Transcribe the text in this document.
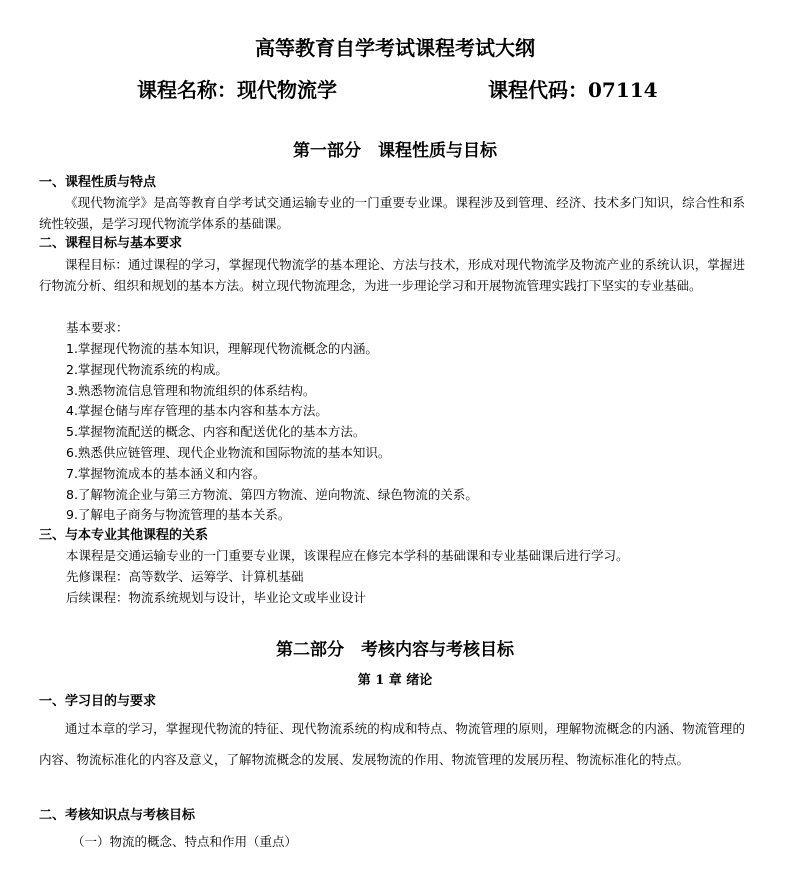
高等教育自学考试课程考试大纲
课程名称：现代物流学	课程代码：07114
第一部分　课程性质与目标
一、课程性质与特点

《现代物流学》是高等教育自学考试交通运输专业的一门重要专业课。课程涉及到管理、经济、技术多门知识，综合性和系统性较强，是学习现代物流学体系的基础课。

二、课程目标与基本要求

课程目标：通过课程的学习，掌握现代物流学的基本理论、方法与技术，形成对现代物流学及物流产业的系统认识，掌握进行物流分析、组织和规划的基本方法。树立现代物流理念，为进一步理论学习和开展物流管理实践打下坚实的专业基础。

基本要求：
1.掌握现代物流的基本知识，理解现代物流概念的内涵。
2.掌握现代物流系统的构成。
3.熟悉物流信息管理和物流组织的体系结构。
4.掌握仓储与库存管理的基本内容和基本方法。
5.掌握物流配送的概念、内容和配送优化的基本方法。
6.熟悉供应链管理、现代企业物流和国际物流的基本知识。
7.掌握物流成本的基本涵义和内容。
8.了解物流企业与第三方物流、第四方物流、逆向物流、绿色物流的关系。
9.了解电子商务与物流管理的基本关系。
三、与本专业其他课程的关系
本课程是交通运输专业的一门重要专业课，该课程应在修完本学科的基础课和专业基础课后进行学习。
先修课程：高等数学、运筹学、计算机基础
后续课程：物流系统规划与设计，毕业论文或毕业设计
第二部分　考核内容与考核目标
第 1 章 绪论
一、学习目的与要求

通过本章的学习，掌握现代物流的特征、现代物流系统的构成和特点、物流管理的原则，理解物流概念的内涵、物流管理的内容、物流标准化的内容及意义，了解物流概念的发展、发展物流的作用、物流管理的发展历程、物流标准化的特点。

二、考核知识点与考核目标
（一）物流的概念、特点和作用（重点）
